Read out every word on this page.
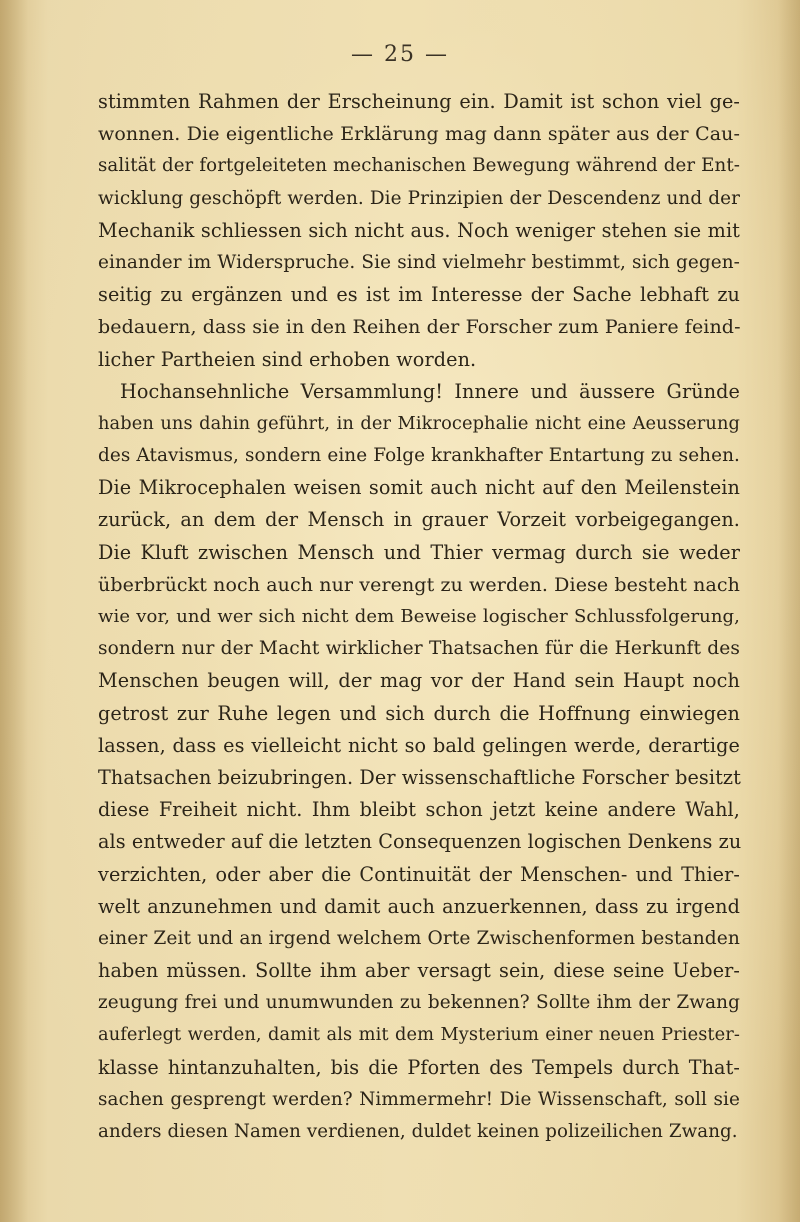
— 25 —
stimmten Rahmen der Erscheinung ein. Damit ist schon viel ge-
wonnen. Die eigentliche Erklärung mag dann später aus der Cau-
salität der fortgeleiteten mechanischen Bewegung während der Ent-
wicklung geschöpft werden. Die Prinzipien der Descendenz und der
Mechanik schliessen sich nicht aus. Noch weniger stehen sie mit
einander im Widerspruche. Sie sind vielmehr bestimmt, sich gegen-
seitig zu ergänzen und es ist im Interesse der Sache lebhaft zu
bedauern, dass sie in den Reihen der Forscher zum Paniere feind-
licher Partheien sind erhoben worden.
Hochansehnliche Versammlung! Innere und äussere Gründe
haben uns dahin geführt, in der Mikrocephalie nicht eine Aeusserung
des Atavismus, sondern eine Folge krankhafter Entartung zu sehen.
Die Mikrocephalen weisen somit auch nicht auf den Meilenstein
zurück, an dem der Mensch in grauer Vorzeit vorbeigegangen.
Die Kluft zwischen Mensch und Thier vermag durch sie weder
überbrückt noch auch nur verengt zu werden. Diese besteht nach
wie vor, und wer sich nicht dem Beweise logischer Schlussfolgerung,
sondern nur der Macht wirklicher Thatsachen für die Herkunft des
Menschen beugen will, der mag vor der Hand sein Haupt noch
getrost zur Ruhe legen und sich durch die Hoffnung einwiegen
lassen, dass es vielleicht nicht so bald gelingen werde, derartige
Thatsachen beizubringen. Der wissenschaftliche Forscher besitzt
diese Freiheit nicht. Ihm bleibt schon jetzt keine andere Wahl,
als entweder auf die letzten Consequenzen logischen Denkens zu
verzichten, oder aber die Continuität der Menschen- und Thier-
welt anzunehmen und damit auch anzuerkennen, dass zu irgend
einer Zeit und an irgend welchem Orte Zwischenformen bestanden
haben müssen. Sollte ihm aber versagt sein, diese seine Ueber-
zeugung frei und unumwunden zu bekennen? Sollte ihm der Zwang
auferlegt werden, damit als mit dem Mysterium einer neuen Priester-
klasse hintanzuhalten, bis die Pforten des Tempels durch That-
sachen gesprengt werden? Nimmermehr! Die Wissenschaft, soll sie
anders diesen Namen verdienen, duldet keinen polizeilichen Zwang.
